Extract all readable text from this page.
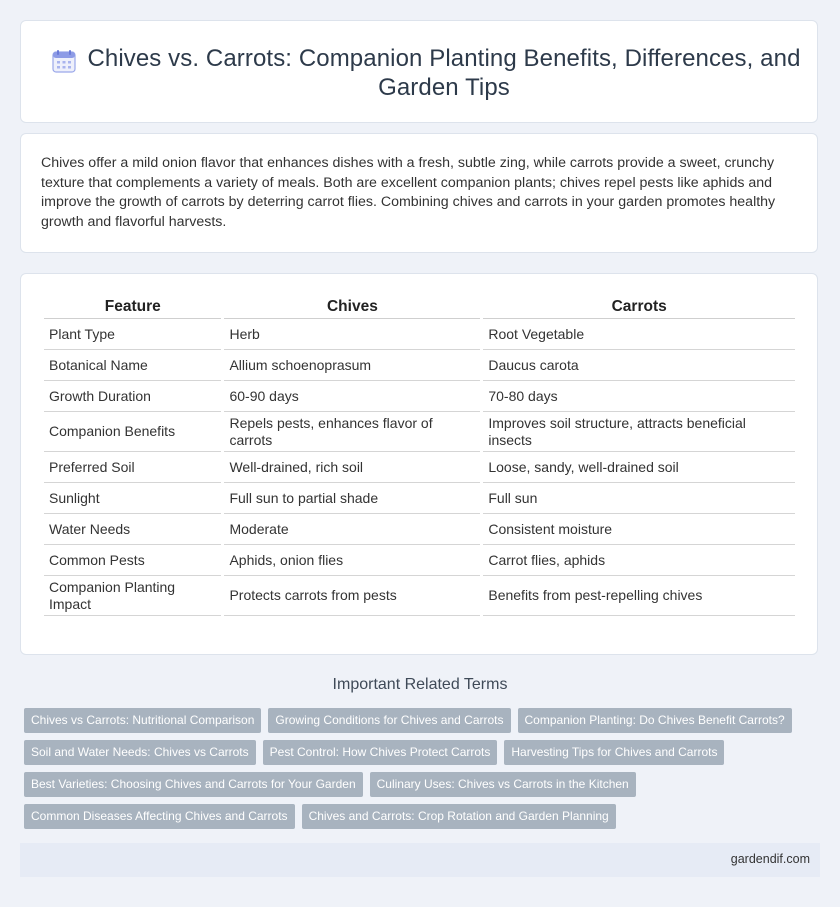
Chives vs. Carrots: Companion Planting Benefits, Differences, and Garden Tips

Chives offer a mild onion flavor that enhances dishes with a fresh, subtle zing, while carrots provide a sweet, crunchy texture that complements a variety of meals. Both are excellent companion plants; chives repel pests like aphids and improve the growth of carrots by deterring carrot flies. Combining chives and carrots in your garden promotes healthy growth and flavorful harvests.

Feature	Chives	Carrots
Plant Type	Herb	Root Vegetable
Botanical Name	Allium schoenoprasum	Daucus carota
Growth Duration	60-90 days	70-80 days
Companion Benefits	Repels pests, enhances flavor of carrots	Improves soil structure, attracts beneficial insects
Preferred Soil	Well-drained, rich soil	Loose, sandy, well-drained soil
Sunlight	Full sun to partial shade	Full sun
Water Needs	Moderate	Consistent moisture
Common Pests	Aphids, onion flies	Carrot flies, aphids
Companion Planting Impact	Protects carrots from pests	Benefits from pest-repelling chives
Important Related Terms
Chives vs Carrots: Nutritional Comparison	Growing Conditions for Chives and Carrots	Companion Planting: Do Chives Benefit Carrots?
Soil and Water Needs: Chives vs Carrots	Pest Control: How Chives Protect Carrots	Harvesting Tips for Chives and Carrots
Best Varieties: Choosing Chives and Carrots for Your Garden	Culinary Uses: Chives vs Carrots in the Kitchen
Common Diseases Affecting Chives and Carrots	Chives and Carrots: Crop Rotation and Garden Planning
gardendif.com
